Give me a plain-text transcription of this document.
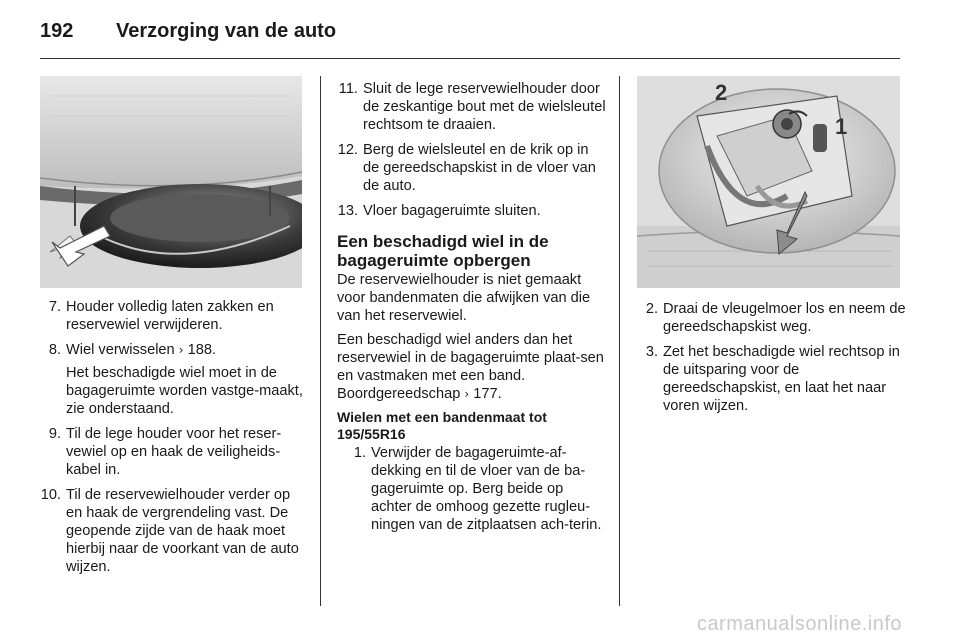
192 Verzorging van de auto
7. Houder volledig laten zakken en reservewiel verwijderen.
8. Wiel verwisselen › 188.
Het beschadigde wiel moet in de bagageruimte worden vastge-maakt, zie onderstaand.
9. Til de lege houder voor het reser-vewiel op en haak de veiligheids-kabel in.
10. Til de reservewielhouder verder op en haak de vergrendeling vast. De geopende zijde van de haak moet hierbij naar de voorkant van de auto wijzen.
11. Sluit de lege reservewielhouder door de zeskantige bout met de wielsleutel rechtsom te draaien.
12. Berg de wielsleutel en de krik op in de gereedschapskist in de vloer van de auto.
13. Vloer bagageruimte sluiten.
Een beschadigd wiel in de bagageruimte opbergen

De reservewielhouder is niet gemaakt voor bandenmaten die afwijken van die van het reservewiel.

Een beschadigd wiel anders dan het reservewiel in de bagageruimte plaat-sen en vastmaken met een band. Boordgereedschap › 177.

Wielen met een bandenmaat tot 195/55R16
1. Verwijder de bagageruimte-af-dekking en til de vloer van de ba-gageruimte op. Berg beide op achter de omhoog gezette rugleu-ningen van de zitplaatsen ach-terin.
2
1
2. Draai de vleugelmoer los en neem de gereedschapskist weg.
3. Zet het beschadigde wiel rechtsop in de uitsparing voor de gereedschapskist, en laat het naar voren wijzen.
carmanualsonline.info
